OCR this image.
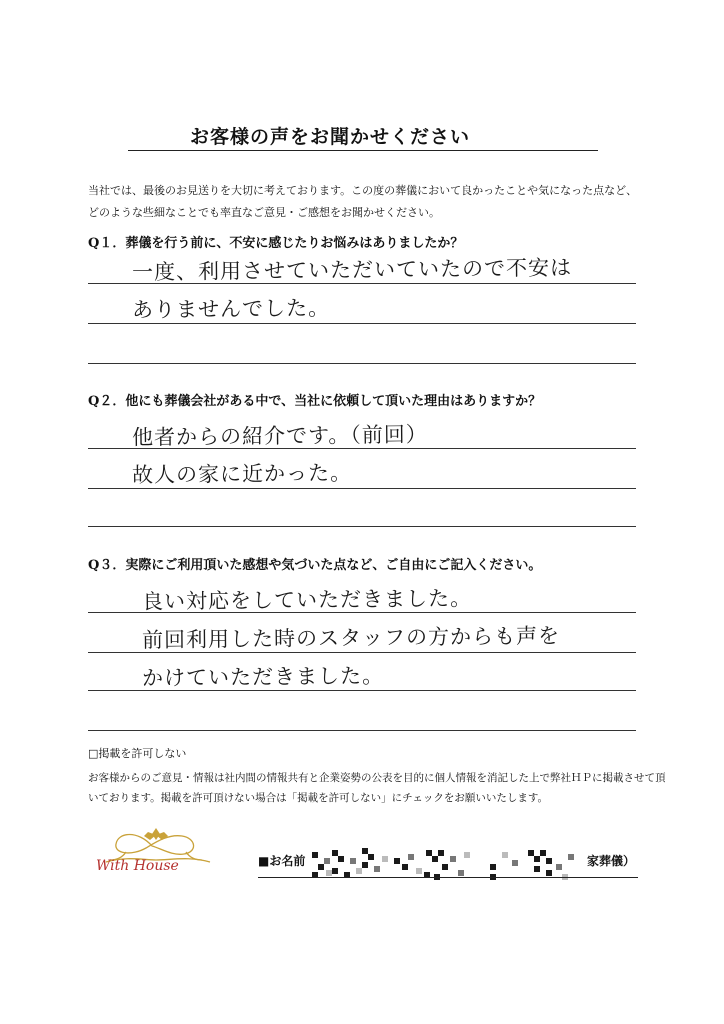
お客様の声をお聞かせください
当社では、最後のお見送りを大切に考えております。この度の葬儀において良かったことや気になった点など、どのような些細なことでも率直なご意見・ご感想をお聞かせください。
Q１．葬儀を行う前に、不安に感じたりお悩みはありましたか？
一度、利用させていただいていたので不安は
ありませんでした。
Q２．他にも葬儀会社がある中で、当社に依頼して頂いた理由はありますか？
他者からの紹介です。（前回）
故人の家に近かった。
Q３．実際にご利用頂いた感想や気づいた点など、ご自由にご記入ください。
良い対応をしていただきました。
前回利用した時のスタッフの方からも声を
かけていただきました。
□掲載を許可しない
お客様からのご意見・情報は社内間の情報共有と企業姿勢の公表を目的に個人情報を消記した上で弊社ＨＰに掲載させて頂いております。掲載を許可頂けない場合は「掲載を許可しない」にチェックをお願いいたします。
With House	■お名前	家葬儀）
